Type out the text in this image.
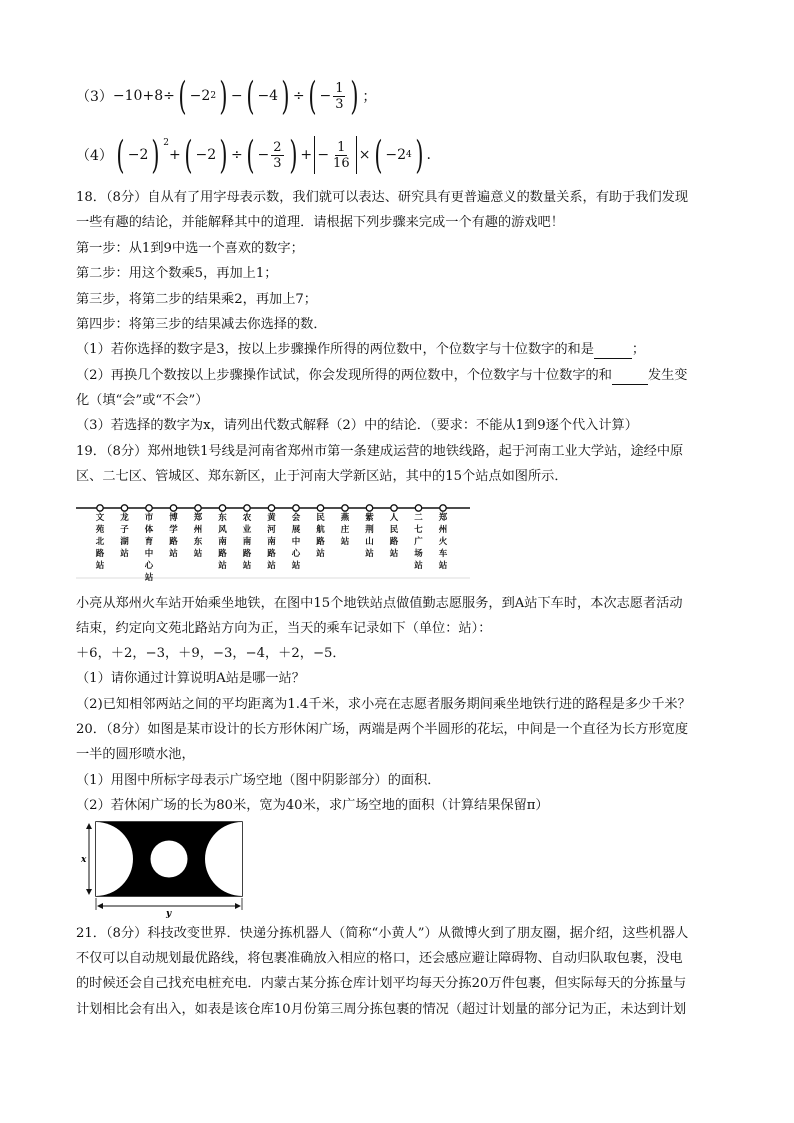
（3） −10+8÷ ( −2 2 ) − ( −4 ) ÷ ( − $\frac{1}{3}$ ) ；
（4） ( −2 ) $^2$
+ ( −2 ) ÷ ( − $\frac{2}{3}$ ) + − $\frac{1}{16}$ × ( −2 4 ) .
18．（8分）自从有了用字母表示数，我们就可以表达、研究具有更普遍意义的数量关系，有助于我们发现
一些有趣的结论，并能解释其中的道理．请根据下列步骤来完成一个有趣的游戏吧！
第一步：从1到9中选一个喜欢的数字；
第二步：用这个数乘5，再加上1；
第三步，将第二步的结果乘2，再加上7；
第四步：将第三步的结果减去你选择的数．
（1）若你选择的数字是3，按以上步骤操作所得的两位数中，个位数字与十位数字的和是	；
（2）再换几个数按以上步骤操作试试，你会发现所得的两位数中，个位数字与十位数字的和	发生变
化（填“会”或“不会”）
（3）若选择的数字为x，请列出代数式解释（2）中的结论．（要求：不能从1到9逐个代入计算）
19．（8分）郑州地铁1号线是河南省郑州市第一条建成运营的地铁线路，起于河南工业大学站，途经中原
区、二七区、管城区、郑东新区，止于河南大学新区站，其中的15个站点如图所示．
文苑北路站
龙子湖站
市体育中心站
博学路站
郑州东站
东风南路站
农业南路站
黄河南路站
会展中心站
民航路站
燕庄站
紫荆山站
人民路站
二七广场站
郑州火车站
小亮从郑州火车站开始乘坐地铁，在图中15个地铁站点做值勤志愿服务，到A站下车时，本次志愿者活动
结束，约定向文苑北路站方向为正，当天的乘车记录如下（单位：站）：
＋6，＋2，−3，＋9，−3，−4，＋2，−5．
（1）请你通过计算说明A站是哪一站？
（2)已知相邻两站之间的平均距离为1.4千米，求小亮在志愿者服务期间乘坐地铁行进的路程是多少千米？
20．（8分）如图是某市设计的长方形休闲广场，两端是两个半圆形的花坛，中间是一个直径为长方形宽度
一半的圆形喷水池，
（1）用图中所标字母表示广场空地（图中阴影部分）的面积．
（2）若休闲广场的长为80米，宽为40米，求广场空地的面积（计算结果保留π）
x
y
21．（8分）科技改变世界．快递分拣机器人（简称“小黄人”）从微博火到了朋友圈，据介绍，这些机器人
不仅可以自动规划最优路线，将包裹准确放入相应的格口，还会感应避让障碍物、自动归队取包裹，没电
的时候还会自己找充电桩充电．内蒙古某分拣仓库计划平均每天分拣20万件包裹，但实际每天的分拣量与
计划相比会有出入，如表是该仓库10月份第三周分拣包裹的情况（超过计划量的部分记为正，未达到计划
